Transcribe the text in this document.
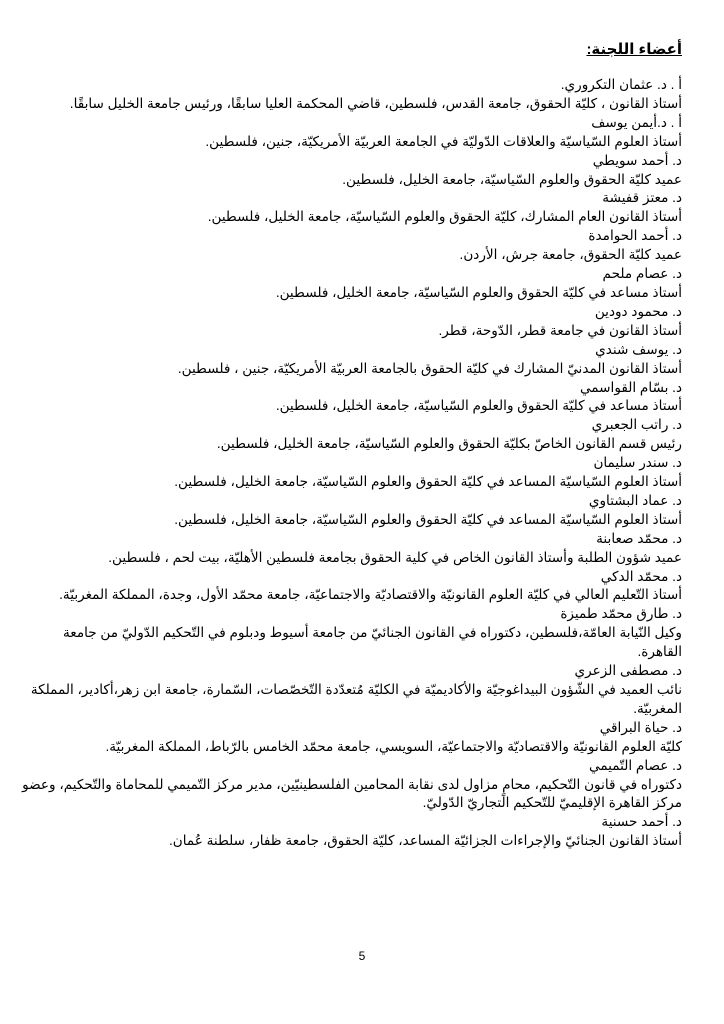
أعضاء اللجنة:
أ . د. عثمان التكروري.
أستاذ القانون ، كليّة الحقوق، جامعة القدس، فلسطين، قاضي المحكمة العليا سابقًا، ورئيس جامعة الخليل سابقًا.
أ . د.أيمن يوسف
أستاذ العلوم السّياسيّة والعلاقات الدّوليّة في الجامعة العربيّة الأمريكيّة، جنين، فلسطين.
د. أحمد سويطي
عميد كليّة الحقوق والعلوم السّياسيّة، جامعة الخليل، فلسطين.
د. معتز قفيشة
أستاذ القانون العام المشارك، كليّة الحقوق والعلوم السّياسيّة، جامعة الخليل، فلسطين.
د. أحمد الحوامدة
عميد كليّة الحقوق، جامعة جرش، الأردن.
د. عصام ملحم
أستاذ مساعد في كليّة الحقوق والعلوم السّياسيّة، جامعة الخليل، فلسطين.
د. محمود دودين
أستاذ القانون في جامعة قطر، الدّوحة، قطر.
د. يوسف شندي
أستاذ القانون المدنيّ المشارك في كليّة الحقوق بالجامعة العربيّة الأمريكيّة، جنين ، فلسطين.
د. بسّام القواسمي
أستاذ مساعد في كليّة الحقوق والعلوم السّياسيّة، جامعة الخليل، فلسطين.
د. راتب الجعبري
رئيس قسم القانون الخاصّ بكليّة الحقوق والعلوم السّياسيّة، جامعة الخليل، فلسطين.
د. سندر سليمان
أستاذ العلوم السّياسيّة المساعد في كليّة الحقوق والعلوم السّياسيّة، جامعة الخليل، فلسطين.
د. عماد البشتاوي
أستاذ العلوم السّياسيّة المساعد في كليّة الحقوق والعلوم السّياسيّة، جامعة الخليل، فلسطين.
د. محمّد صعابنة
عميد شؤون الطلبة وأستاذ القانون الخاص في كلية الحقوق بجامعة فلسطين الأهليّة، بيت لحم ، فلسطين.
د. محمّد الدكي
أستاذ التّعليم العالي في كليّة العلوم القانونيّة والاقتصاديّة والاجتماعيّة، جامعة محمّد الأول، وجدة، المملكة المغربيّة.
د. طارق محمّد طميزة
وكيل النّيابة العامّة،فلسطين، دكتوراه في القانون الجنائيّ من جامعة أسيوط ودبلوم في التّحكيم الدّوليّ من جامعة القاهرة.
د. مصطفى الزعري
نائب العميد في الشّؤون البيداغوجيّة والأكاديميّة في الكليّة مُتعدّدة التّخصّصات، السّمارة، جامعة ابن زهر،أكادير، المملكة المغربيّة.
د. حياة البراقي
كليّة العلوم القانونيّة والاقتصاديّة والاجتماعيّة، السويسي، جامعة محمّد الخامس بالرّباط، المملكة المغربيّة.
د. عصام التّميمي
دكتوراه في قانون التّحكيم، محامٍ مزاول لدى نقابة المحامين الفلسطينيّين، مدير مركز التّميمي للمحاماة والتّحكيم، وعضو مركز القاهرة الإقليميّ للتّحكيم التجاريّ الدّوليّ.
د. أحمد حسنية
أستاذ القانون الجنائيّ والإجراءات الجزائيّة المساعد، كليّة الحقوق، جامعة ظفار، سلطنة عُمان.
5
